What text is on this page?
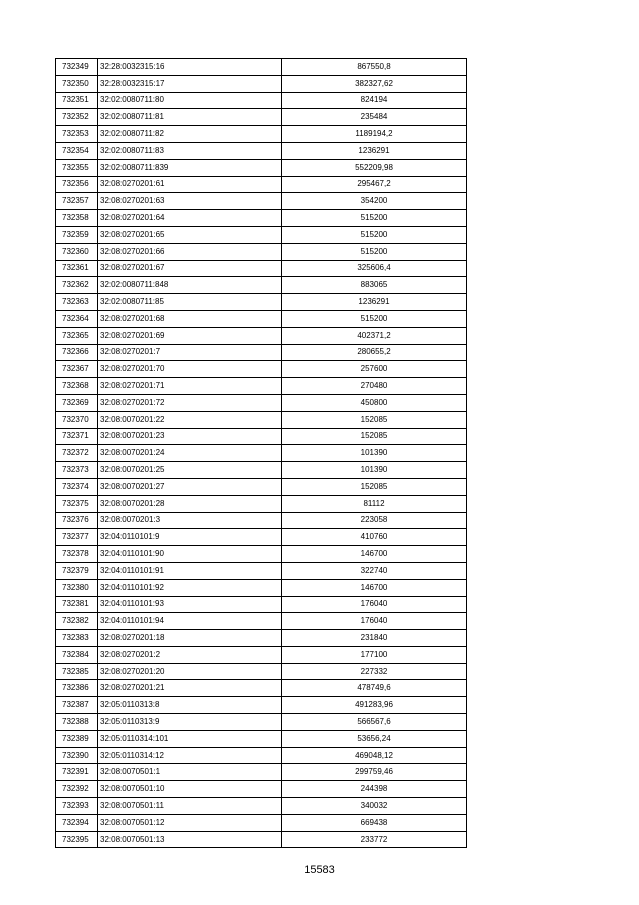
732349	32:28:0032315:16	867550,8
732350	32:28:0032315:17	382327,62
732351	32:02:0080711:80	824194
732352	32:02:0080711:81	235484
732353	32:02:0080711:82	1189194,2
732354	32:02:0080711:83	1236291
732355	32:02:0080711:839	552209,98
732356	32:08:0270201:61	295467,2
732357	32:08:0270201:63	354200
732358	32:08:0270201:64	515200
732359	32:08:0270201:65	515200
732360	32:08:0270201:66	515200
732361	32:08:0270201:67	325606,4
732362	32:02:0080711:848	883065
732363	32:02:0080711:85	1236291
732364	32:08:0270201:68	515200
732365	32:08:0270201:69	402371,2
732366	32:08:0270201:7	280655,2
732367	32:08:0270201:70	257600
732368	32:08:0270201:71	270480
732369	32:08:0270201:72	450800
732370	32:08:0070201:22	152085
732371	32:08:0070201:23	152085
732372	32:08:0070201:24	101390
732373	32:08:0070201:25	101390
732374	32:08:0070201:27	152085
732375	32:08:0070201:28	81112
732376	32:08:0070201:3	223058
732377	32:04:0110101:9	410760
732378	32:04:0110101:90	146700
732379	32:04:0110101:91	322740
732380	32:04:0110101:92	146700
732381	32:04:0110101:93	176040
732382	32:04:0110101:94	176040
732383	32:08:0270201:18	231840
732384	32:08:0270201:2	177100
732385	32:08:0270201:20	227332
732386	32:08:0270201:21	478749,6
732387	32:05:0110313:8	491283,96
732388	32:05:0110313:9	566567,6
732389	32:05:0110314:101	53656,24
732390	32:05:0110314:12	469048,12
732391	32:08:0070501:1	299759,46
732392	32:08:0070501:10	244398
732393	32:08:0070501:11	340032
732394	32:08:0070501:12	669438
732395	32:08:0070501:13	233772
15583
